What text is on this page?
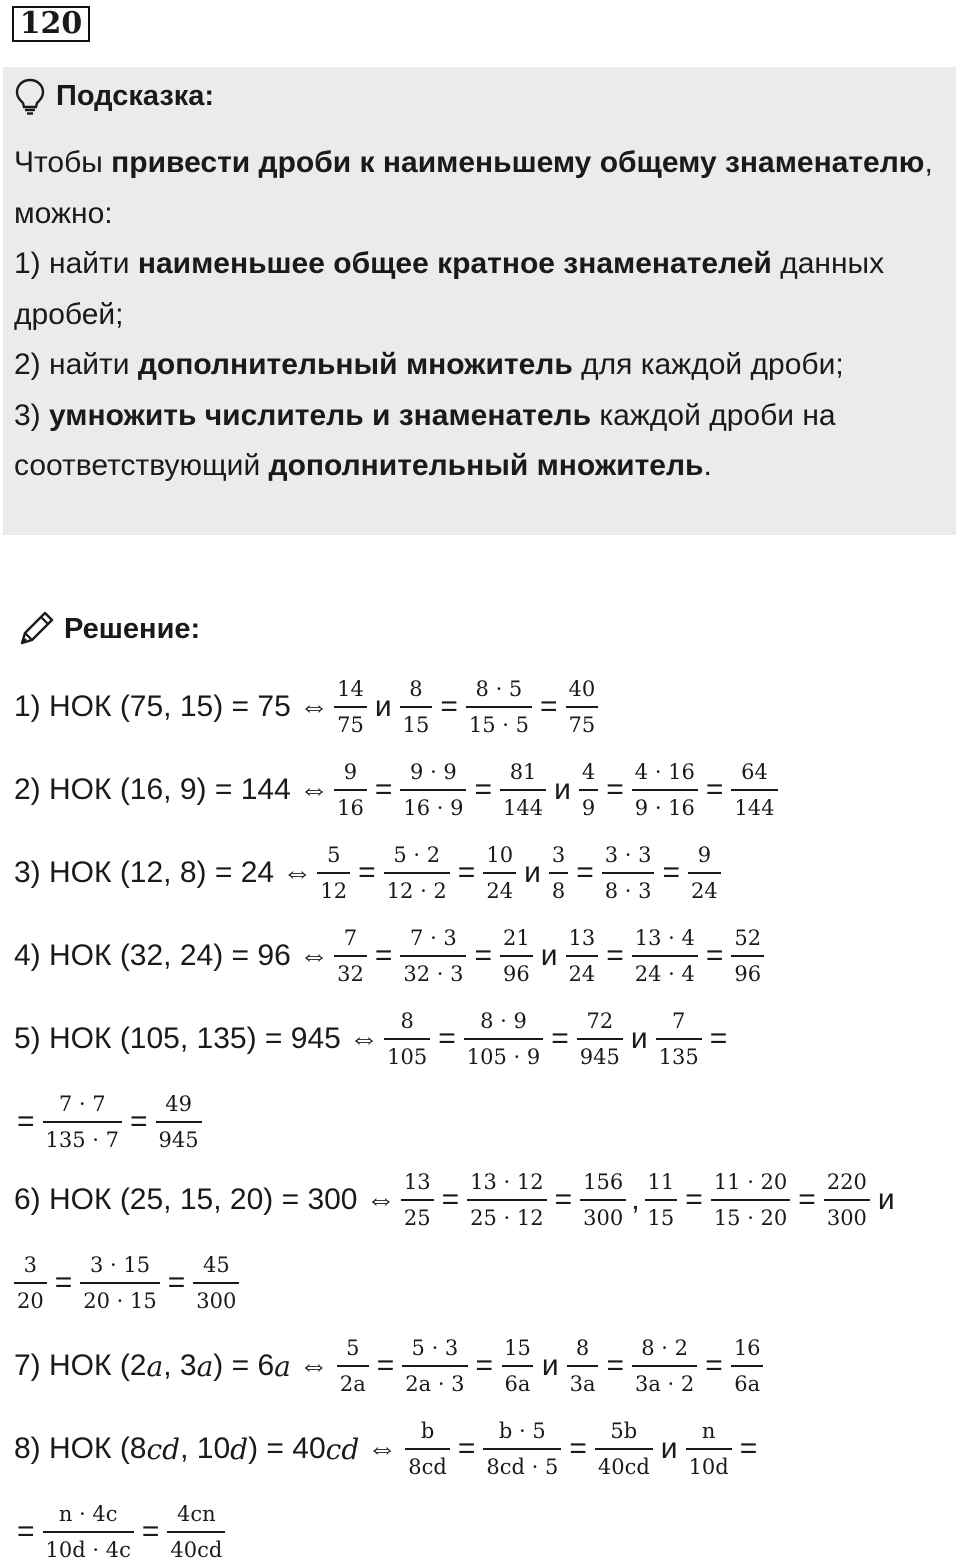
120
Подсказка:
Чтобы привести дроби к наименьшему общему знаменателю, можно:
1) найти наименьшее общее кратное знаменателей данных дробей;
2) найти дополнительный множитель для каждой дроби;
3) умножить числитель и знаменатель каждой дроби на соответствующий дополнительный множитель.
Решение:
1) НОК (75, 15) = 75 ⇔ $\frac{14}{75}$ и $\frac{8}{15} = \frac{8 \cdot 5}{15 \cdot 5} = \frac{40}{75}$
2) НОК (16, 9) = 144 ⇔ $\frac{9}{16} = \frac{9 \cdot 9}{16 \cdot 9} = \frac{81}{144}$ и $\frac{4}{9} = \frac{4 \cdot 16}{9 \cdot 16} = \frac{64}{144}$
3) НОК (12, 8) = 24 ⇔ $\frac{5}{12} = \frac{5 \cdot 2}{12 \cdot 2} = \frac{10}{24}$ и $\frac{3}{8} = \frac{3 \cdot 3}{8 \cdot 3} = \frac{9}{24}$
4) НОК (32, 24) = 96 ⇔ $\frac{7}{32} = \frac{7 \cdot 3}{32 \cdot 3} = \frac{21}{96}$ и $\frac{13}{24} = \frac{13 \cdot 4}{24 \cdot 4} = \frac{52}{96}$
5) НОК (105, 135) = 945 ⇔ $\frac{8}{105} = \frac{8 \cdot 9}{105 \cdot 9} = \frac{72}{945}$ и $\frac{7}{135}$ =
= $\frac{7 \cdot 7}{135 \cdot 7} = \frac{49}{945}$
6) НОК (25, 15, 20) = 300 ⇔ $\frac{13}{25} = \frac{13 \cdot 12}{25 \cdot 12} = \frac{156}{300}$ , $\frac{11}{15} = \frac{11 \cdot 20}{15 \cdot 20} = \frac{220}{300}$ и
$\frac{3}{20} = \frac{3 \cdot 15}{20 \cdot 15} = \frac{45}{300}$
7) НОК (2 a , 3 a ) = 6 a ⇔ $\frac{5}{2a} = \frac{5 \cdot 3}{2a \cdot 3} = \frac{15}{6a}$ и $\frac{8}{3a} = \frac{8 \cdot 2}{3a \cdot 2} = \frac{16}{6a}$
8) НОК (8 cd , 10 d ) = 40 cd ⇔ $\frac{b}{8cd} = \frac{b \cdot 5}{8cd \cdot 5} = \frac{5b}{40cd}$ и $\frac{n}{10d}$ =
= $\frac{n \cdot 4c}{10d \cdot 4c} = \frac{4cn}{40cd}$
